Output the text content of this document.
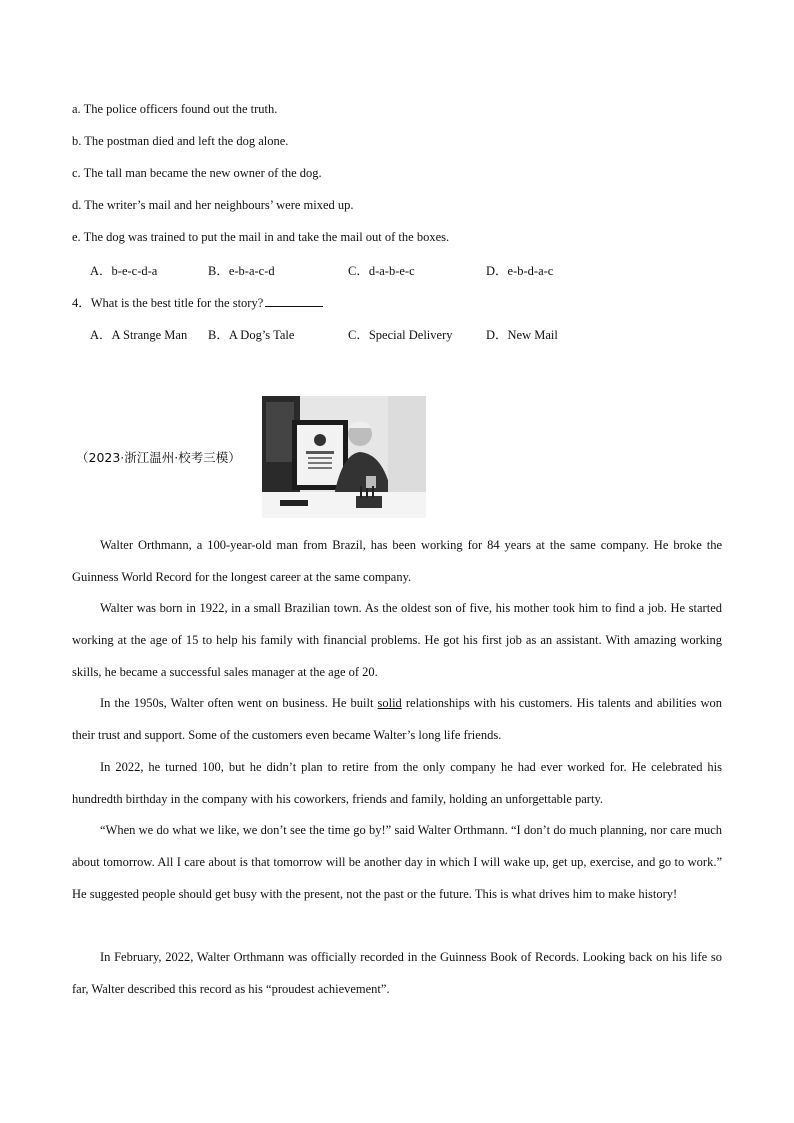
a. The police officers found out the truth.
b. The postman died and left the dog alone.
c. The tall man became the new owner of the dog.
d. The writer’s mail and her neighbours’ were mixed up.
e. The dog was trained to put the mail in and take the mail out of the boxes.
A．b-e-c-d-a	B．e-b-a-c-d	C．d-a-b-e-c	D．e-b-d-a-c
4．What is the best title for the story?
A．A Strange Man B．A Dog’s Tale	C．Special Delivery	D．New Mail
（2023·浙江温州·校考三模）
Walter Orthmann, a 100-year-old man from Brazil, has been working for 84 years at the same company. He broke the Guinness World Record for the longest career at the same company.
Walter was born in 1922, in a small Brazilian town. As the oldest son of five, his mother took him to find a job. He started working at the age of 15 to help his family with financial problems. He got his first job as an assistant. With amazing working skills, he became a successful sales manager at the age of 20.
In the 1950s, Walter often went on business. He built solid relationships with his customers. His talents and abilities won their trust and support. Some of the customers even became Walter’s long life friends.
In 2022, he turned 100, but he didn’t plan to retire from the only company he had ever worked for. He celebrated his hundredth birthday in the company with his coworkers, friends and family, holding an unforgettable party.
“When we do what we like, we don’t see the time go by!” said Walter Orthmann. “I don’t do much planning, nor care much about tomorrow. All I care about is that tomorrow will be another day in which I will wake up, get up, exercise, and go to work.” He suggested people should get busy with the present, not the past or the future. This is what drives him to make history!
In February, 2022, Walter Orthmann was officially recorded in the Guinness Book of Records. Looking back on his life so far, Walter described this record as his “proudest achievement”.
